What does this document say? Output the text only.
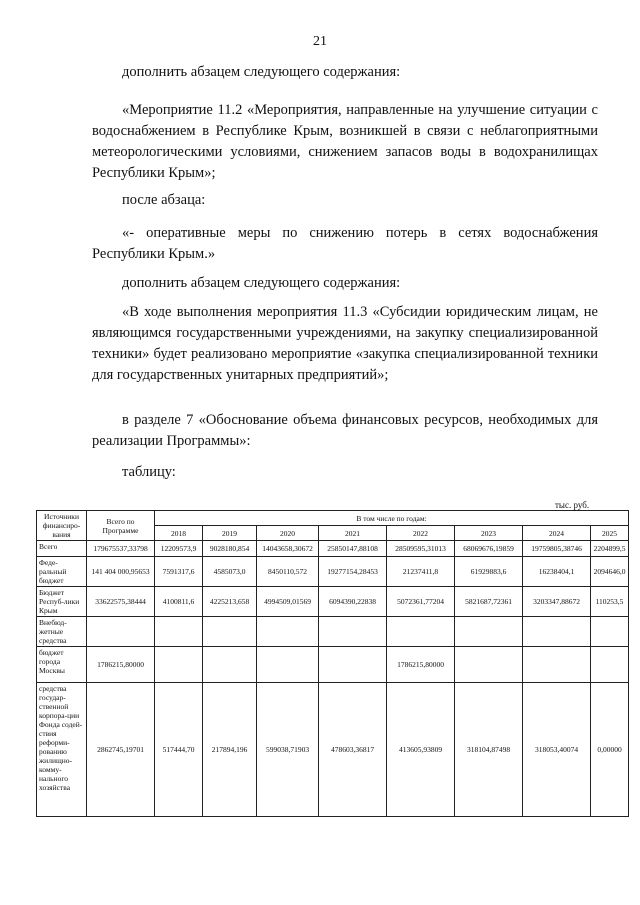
21

дополнить абзацем следующего содержания:

«Мероприятие 11.2 «Мероприятия, направленные на улучшение ситуации с водоснабжением в Республике Крым, возникшей в связи с неблагоприятными метеорологическими условиями, снижением запасов воды в водохранилищах Республики Крым»;

после абзаца:

«- оперативные меры по снижению потерь в сетях водоснабжения Республики Крым.»

дополнить абзацем следующего содержания:

«В ходе выполнения мероприятия 11.3 «Субсидии юридическим лицам, не являющимся государственными учреждениями, на закупку специализированной техники» будет реализовано мероприятие «закупка специализированной техники для государственных унитарных предприятий»;

в разделе 7 «Обоснование объема финансовых ресурсов, необходимых для реализации Программы»:

таблицу:

тыс. руб.
Источники финансиро-вания	Всего по Программе	В том числе по годам:							
		2018	2019	2020	2021	2022	2023	2024	2025
Всего	179675537,33798	12209573,9	9028180,854	14043658,30672	25850147,88108	28509595,31013	68069676,19859	19759805,38746	2204899,5
Феде-ральный бюджет	141 404 000,95653	7591317,6	4585073,0	8450110,572	19277154,28453	21237411,8	61929883,6	16238404,1	2094646,0
Бюджет Респуб-лики Крым	33622575,38444	4100811,6	4225213,658	4994509,01569	6094390,22838	5072361,77204	5821687,72361	3203347,88672	110253,5
Внебюд-жетные средства									
бюджет города Москвы	1786215,80000					1786215,80000			
средства государ-ственной корпора-ции Фонда содей-ствия реформи-рованию жилищно-комму-нального хозяйства	2862745,19701	517444,70	217894,196	599038,71903	478603,36817	413605,93809	318104,87498	318053,40074	0,00000
